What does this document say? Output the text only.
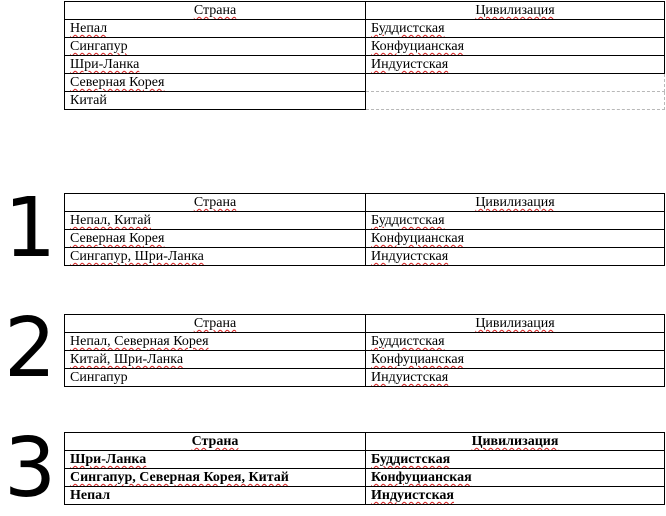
Страна	Цивилизация
Непал	Буддистская
Сингапур	Конфуцианская
Шри-Ланка	Индуистская
Северная Корея	
Китай	
1	Страна	Цивилизация
Непал, Китай	Буддистская
Северная Корея	Конфуцианская
Сингапур, Шри-Ланка	Индуистская
2	Страна	Цивилизация
Непал, Северная Корея	Буддистская
Китай, Шри-Ланка	Конфуцианская
Сингапур	Индуистская
3	Страна	Цивилизация
Шри-Ланка	Буддистская
Сингапур, Северная Корея, Китай	Конфуцианская
Непал	Индуистская
